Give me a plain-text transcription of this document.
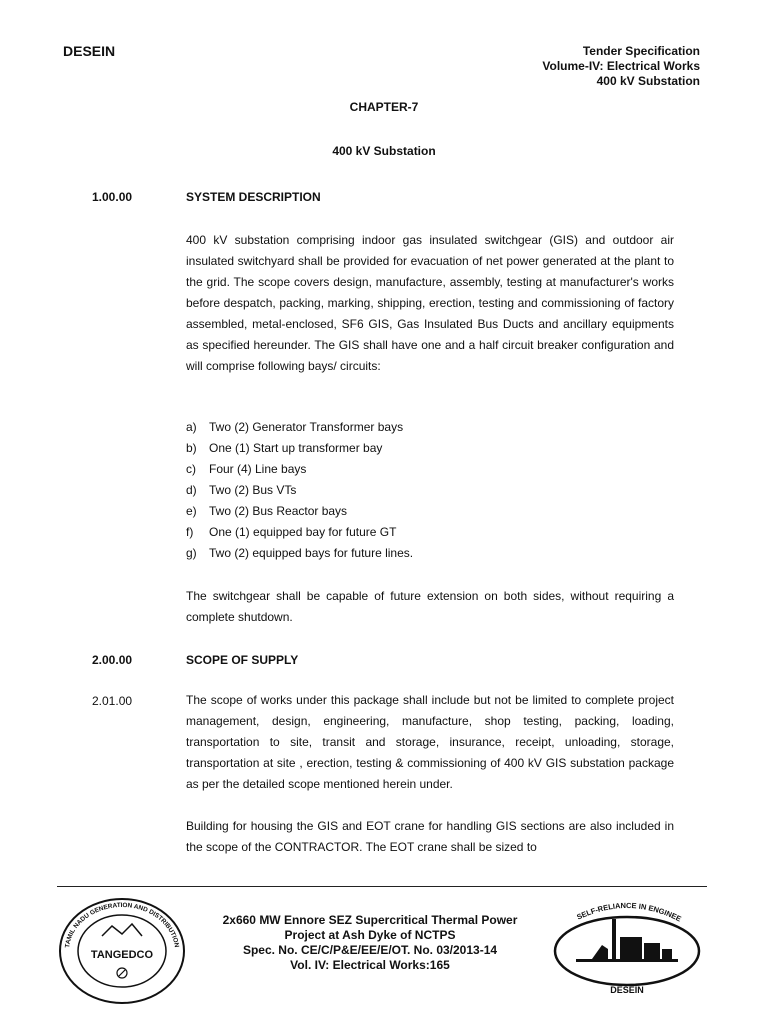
DESEIN	Tender Specification
Volume-IV: Electrical Works
400 kV Substation
CHAPTER-7
400 kV Substation
1.00.00	SYSTEM DESCRIPTION
400 kV substation comprising indoor gas insulated switchgear (GIS) and outdoor air insulated switchyard shall be provided for evacuation of net power generated at the plant to the grid. The scope covers design, manufacture, assembly, testing at manufacturer's works before despatch, packing, marking, shipping, erection, testing and commissioning of factory assembled, metal-enclosed, SF6 GIS, Gas Insulated Bus Ducts and ancillary equipments as specified hereunder. The GIS shall have one and a half circuit breaker configuration and will comprise following bays/ circuits:
a)	Two (2) Generator Transformer bays
b)	One (1) Start up transformer bay
c)	Four (4) Line bays
d)	Two (2) Bus VTs
e)	Two (2) Bus Reactor bays
f)	One (1) equipped bay for future GT
g)	Two (2) equipped bays for future lines.
The switchgear shall be capable of future extension on both sides, without requiring a complete shutdown.
2.00.00	SCOPE OF SUPPLY
2.01.00	The scope of works under this package shall include but not be limited to complete project management, design, engineering, manufacture, shop testing, packing, loading, transportation to site, transit and storage, insurance, receipt, unloading, storage, transportation at site , erection, testing & commissioning of 400 kV GIS substation package as per the detailed scope mentioned herein under.
Building for housing the GIS and EOT crane for handling GIS sections are also included in the scope of the CONTRACTOR. The EOT crane shall be sized to
TAMIL NADU GENERATION AND DISTRIBUTION
TANGEDCO
2x660 MW Ennore SEZ Supercritical Thermal Power
Project at Ash Dyke of NCTPS
Spec. No. CE/C/P&E/EE/E/OT. No. 03/2013-14
Vol. IV: Electrical Works:165
SELF-RELIANCE IN ENGINEE
DESEIN
